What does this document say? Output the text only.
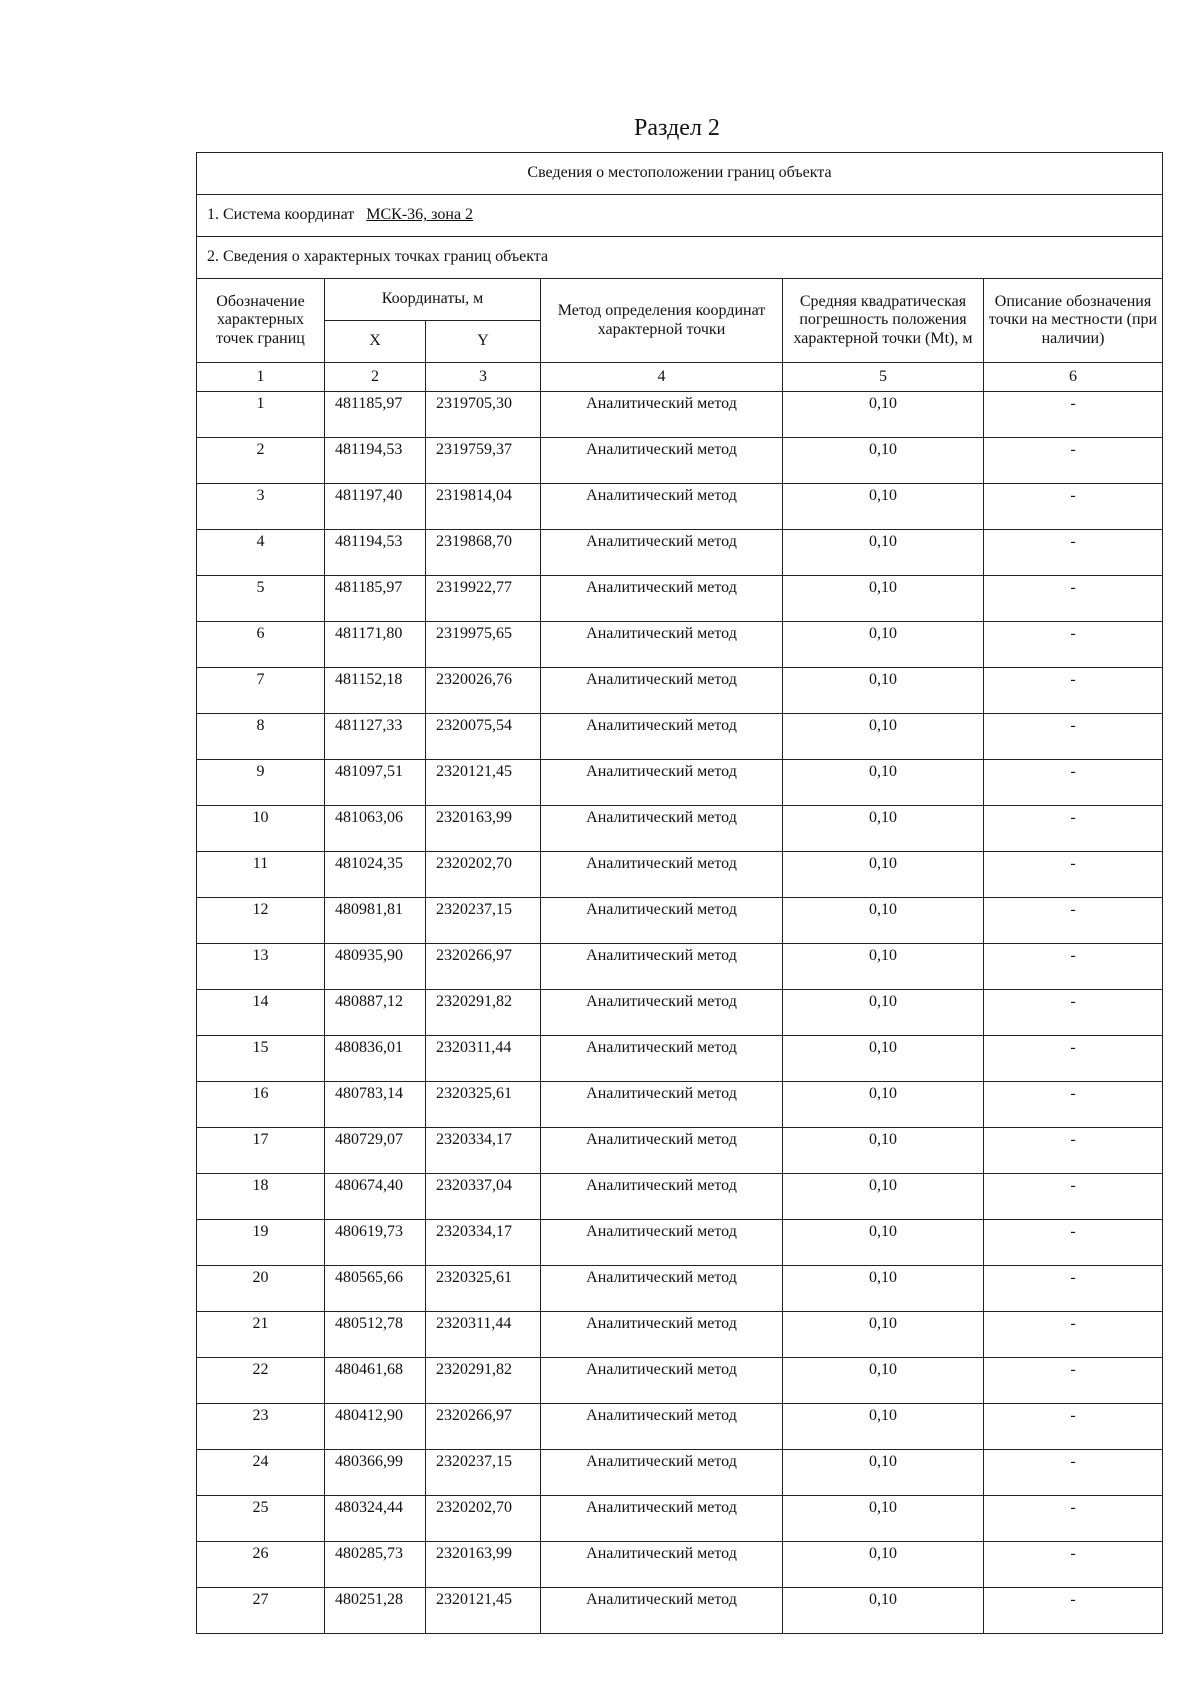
Раздел 2
Сведения о местоположении границ объекта					
1. Система координат МСК-36, зона 2					
2. Сведения о характерных точках границ объекта					
Обозначение характерных точек границ	Координаты, м		Метод определения координат характерной точки	Средняя квадратическая погрешность положения характерной точки (Mt), м	Описание обозначения точки на местности (при наличии)
	X	Y			
1	2	3	4	5	6
1	481185,97	2319705,30	Аналитический метод	0,10	-
2	481194,53	2319759,37	Аналитический метод	0,10	-
3	481197,40	2319814,04	Аналитический метод	0,10	-
4	481194,53	2319868,70	Аналитический метод	0,10	-
5	481185,97	2319922,77	Аналитический метод	0,10	-
6	481171,80	2319975,65	Аналитический метод	0,10	-
7	481152,18	2320026,76	Аналитический метод	0,10	-
8	481127,33	2320075,54	Аналитический метод	0,10	-
9	481097,51	2320121,45	Аналитический метод	0,10	-
10	481063,06	2320163,99	Аналитический метод	0,10	-
11	481024,35	2320202,70	Аналитический метод	0,10	-
12	480981,81	2320237,15	Аналитический метод	0,10	-
13	480935,90	2320266,97	Аналитический метод	0,10	-
14	480887,12	2320291,82	Аналитический метод	0,10	-
15	480836,01	2320311,44	Аналитический метод	0,10	-
16	480783,14	2320325,61	Аналитический метод	0,10	-
17	480729,07	2320334,17	Аналитический метод	0,10	-
18	480674,40	2320337,04	Аналитический метод	0,10	-
19	480619,73	2320334,17	Аналитический метод	0,10	-
20	480565,66	2320325,61	Аналитический метод	0,10	-
21	480512,78	2320311,44	Аналитический метод	0,10	-
22	480461,68	2320291,82	Аналитический метод	0,10	-
23	480412,90	2320266,97	Аналитический метод	0,10	-
24	480366,99	2320237,15	Аналитический метод	0,10	-
25	480324,44	2320202,70	Аналитический метод	0,10	-
26	480285,73	2320163,99	Аналитический метод	0,10	-
27	480251,28	2320121,45	Аналитический метод	0,10	-
